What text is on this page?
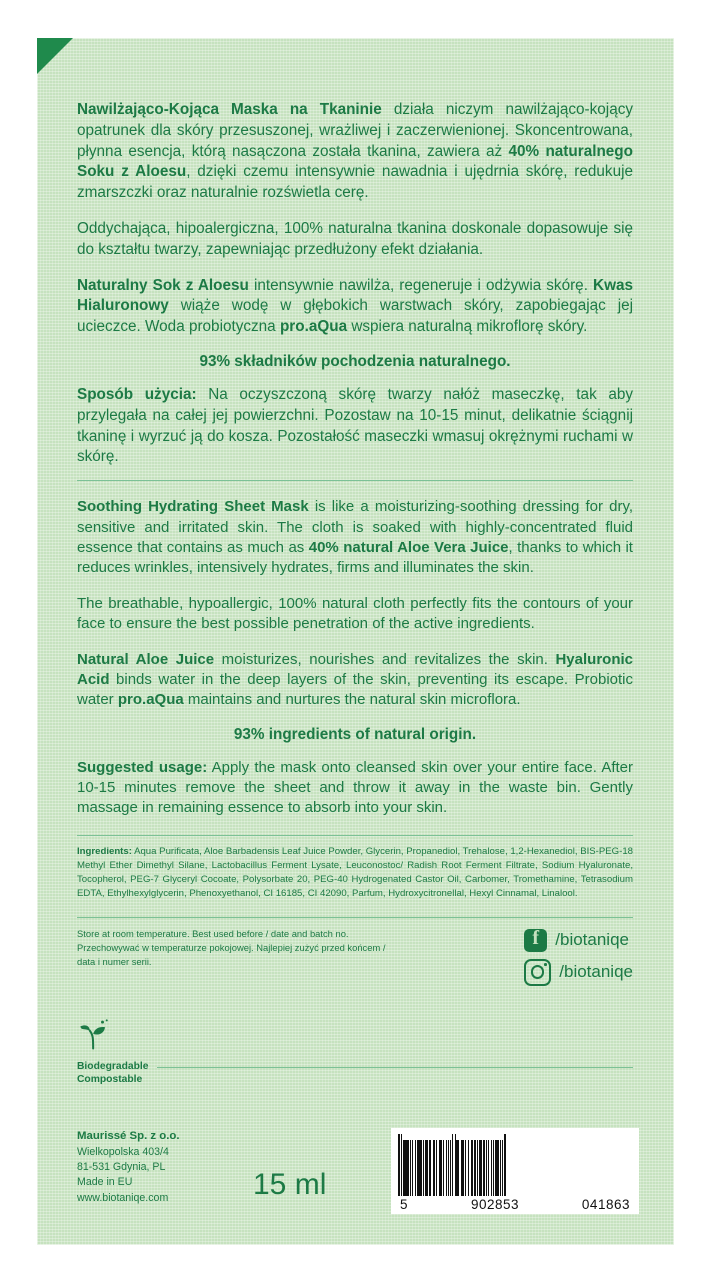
Nawilżająco-Kojąca Maska na Tkaninie działa niczym nawilżająco-kojący opatrunek dla skóry przesuszonej, wrażliwej i zaczerwienionej. Skoncentrowana, płynna esencja, którą nasączona została tkanina, zawiera aż 40% naturalnego Soku z Aloesu, dzięki czemu intensywnie nawadnia i ujędrnia skórę, redukuje zmarszczki oraz naturalnie rozświetla cerę.

Oddychająca, hipoalergiczna, 100% naturalna tkanina doskonale dopasowuje się do kształtu twarzy, zapewniając przedłużony efekt działania.

Naturalny Sok z Aloesu intensywnie nawilża, regeneruje i odżywia skórę. Kwas Hialuronowy wiąże wodę w głębokich warstwach skóry, zapobiegając jej ucieczce. Woda probiotyczna pro.aQua wspiera naturalną mikroflorę skóry.

93% składników pochodzenia naturalnego.

Sposób użycia: Na oczyszczoną skórę twarzy nałóż maseczkę, tak aby przylegała na całej jej powierzchni. Pozostaw na 10-15 minut, delikatnie ściągnij tkaninę i wyrzuć ją do kosza. Pozostałość maseczki wmasuj okrężnymi ruchami w skórę.

Soothing Hydrating Sheet Mask is like a moisturizing-soothing dressing for dry, sensitive and irritated skin. The cloth is soaked with highly-concentrated fluid essence that contains as much as 40% natural Aloe Vera Juice, thanks to which it reduces wrinkles, intensively hydrates, firms and illuminates the skin.

The breathable, hypoallergic, 100% natural cloth perfectly fits the contours of your face to ensure the best possible penetration of the active ingredients.

Natural Aloe Juice moisturizes, nourishes and revitalizes the skin. Hyaluronic Acid binds water in the deep layers of the skin, preventing its escape. Probiotic water pro.aQua maintains and nurtures the natural skin microflora.

93% ingredients of natural origin.

Suggested usage: Apply the mask onto cleansed skin over your entire face. After 10-15 minutes remove the sheet and throw it away in the waste bin. Gently massage in remaining essence to absorb into your skin.

Ingredients: Aqua Purificata, Aloe Barbadensis Leaf Juice Powder, Glycerin, Propanediol, Trehalose, 1,2-Hexanediol, BIS-PEG-18 Methyl Ether Dimethyl Silane, Lactobacillus Ferment Lysate, Leuconostoc/ Radish Root Ferment Filtrate, Sodium Hyaluronate, Tocopherol, PEG-7 Glyceryl Cocoate, Polysorbate 20, PEG-40 Hydrogenated Castor Oil, Carbomer, Tromethamine, Tetrasodium EDTA, Ethylhexylglycerin, Phenoxyethanol, CI 16185, CI 42090, Parfum, Hydroxycitronellal, Hexyl Cinnamal, Linalool.

Store at room temperature. Best used before / date and batch no.
Przechowywać w temperaturze pokojowej. Najlepiej zużyć przed końcem /
data i numer serii.
f /biotaniqe
/biotaniqe
Biodegradable
Compostable
Maurissé Sp. z o.o.
Wielkopolska 403/4
81-531 Gdynia, PL
Made in EU
www.biotaniqe.com	15 ml
5	902853	041863
